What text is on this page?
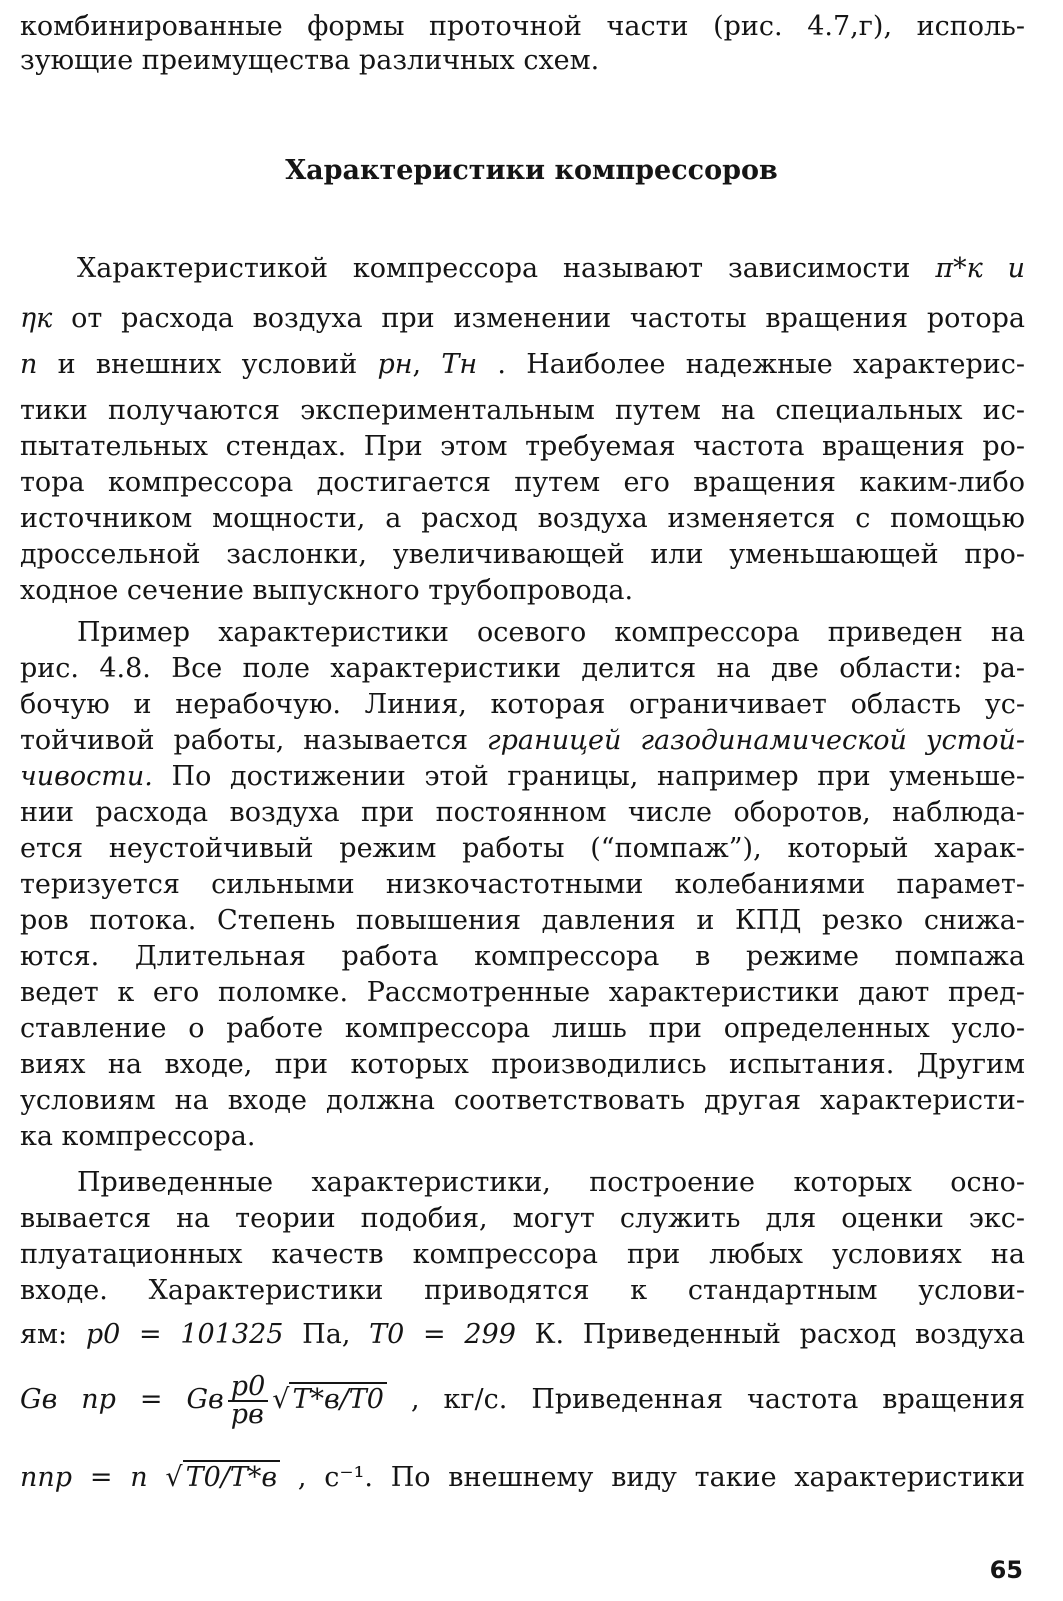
комбинированные формы проточной части (рис. 4.7,г), исполь-
зующие преимущества различных схем.
Характеристики компрессоров
Характеристикой компрессора называют зависимости π*к и
ηк от расхода воздуха при изменении частоты вращения ротора
n и внешних условий pн, Tн . Наиболее надежные характерис-
тики получаются экспериментальным путем на специальных ис-
пытательных стендах. При этом требуемая частота вращения ро-
тора компрессора достигается путем его вращения каким-либо
источником мощности, а расход воздуха изменяется с помощью
дроссельной заслонки, увеличивающей или уменьшающей про-
ходное сечение выпускного трубопровода.
Пример характеристики осевого компрессора приведен на
рис. 4.8. Все поле характеристики делится на две области: ра-
бочую и нерабочую. Линия, которая ограничивает область ус-
тойчивой работы, называется границей газодинамической устой-
чивости. По достижении этой границы, например при уменьше-
нии расхода воздуха при постоянном числе оборотов, наблюда-
ется неустойчивый режим работы (“помпаж”), который харак-
теризуется сильными низкочастотными колебаниями парамет-
ров потока. Степень повышения давления и КПД резко снижа-
ются. Длительная работа компрессора в режиме помпажа
ведет к его поломке. Рассмотренные характеристики дают пред-
ставление о работе компрессора лишь при определенных усло-
виях на входе, при которых производились испытания. Другим
условиям на входе должна соответствовать другая характеристи-
ка компрессора.
Приведенные характеристики, построение которых осно-
вывается на теории подобия, могут служить для оценки экс-
плуатационных качеств компрессора при любых условиях на
входе. Характеристики приводятся к стандартным услови-
ям: p0 = 101325 Па, T0 = 299 К. Приведенный расход воздуха
Gв пр = Gв $\frac{p0}{pв}$ √ T*в/T0 , кг/с. Приведенная частота вращения
nпр = n √ T0/T*в , с⁻¹. По внешнему виду такие характеристики
65
